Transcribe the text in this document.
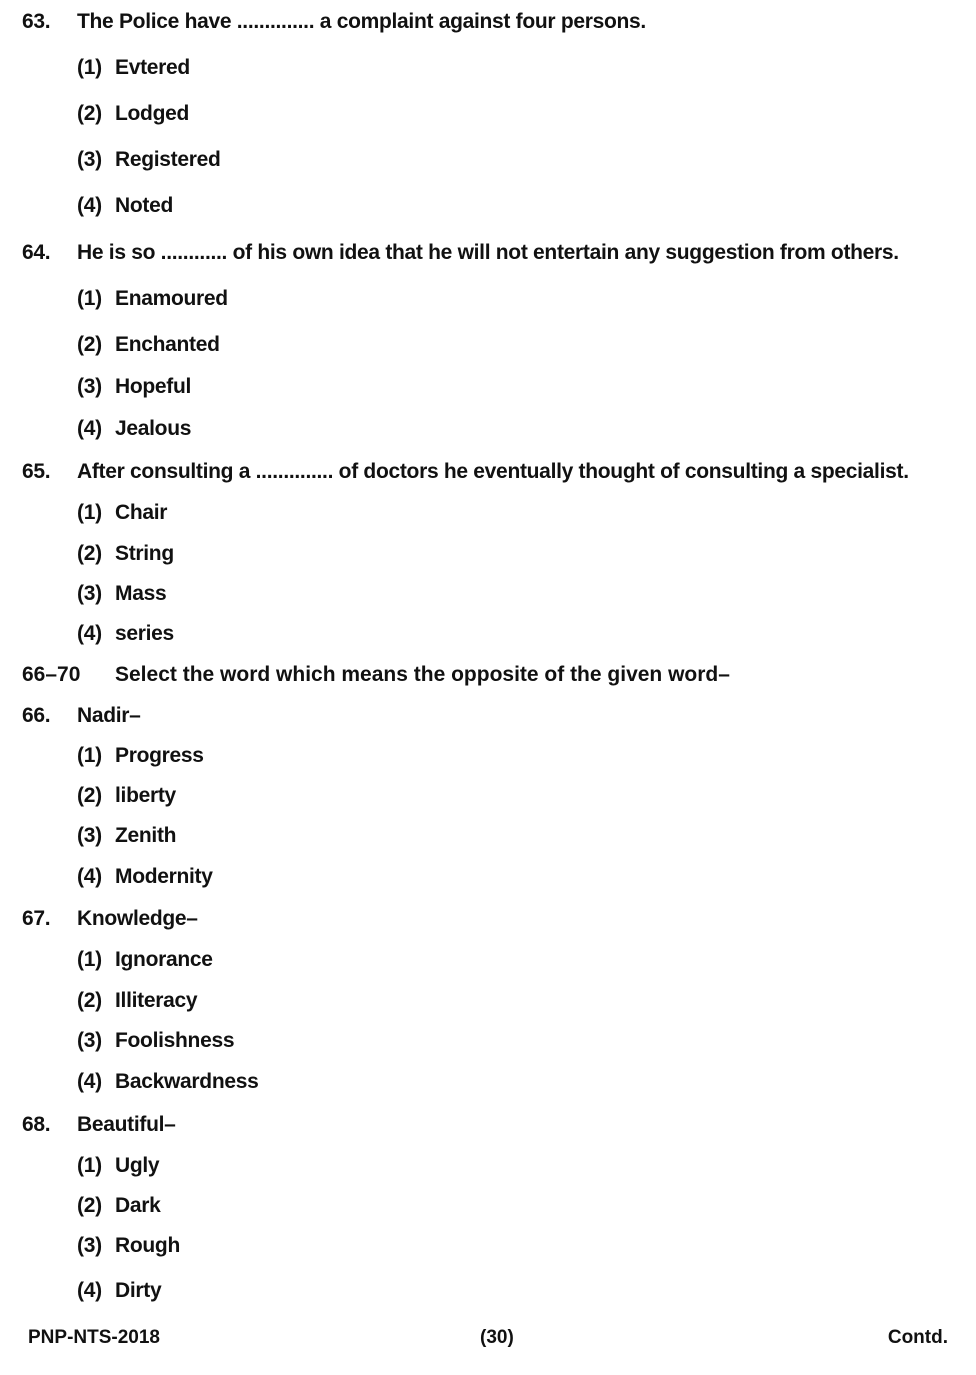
63. The Police have .............. a complaint against four persons.
(1) Evtered
(2) Lodged
(3) Registered
(4) Noted
64. He is so ............ of his own idea that he will not entertain any suggestion from others.
(1) Enamoured
(2) Enchanted
(3) Hopeful
(4) Jealous
65. After consulting a .............. of doctors he eventually thought of consulting a specialist.
(1) Chair
(2) String
(3) Mass
(4) series
66–70 Select the word which means the opposite of the given word–
66. Nadir–
(1) Progress
(2) liberty
(3) Zenith
(4) Modernity
67. Knowledge–
(1) Ignorance
(2) Illiteracy
(3) Foolishness
(4) Backwardness
68. Beautiful–
(1) Ugly
(2) Dark
(3) Rough
(4) Dirty
PNP-NTS-2018	(30)	Contd.
